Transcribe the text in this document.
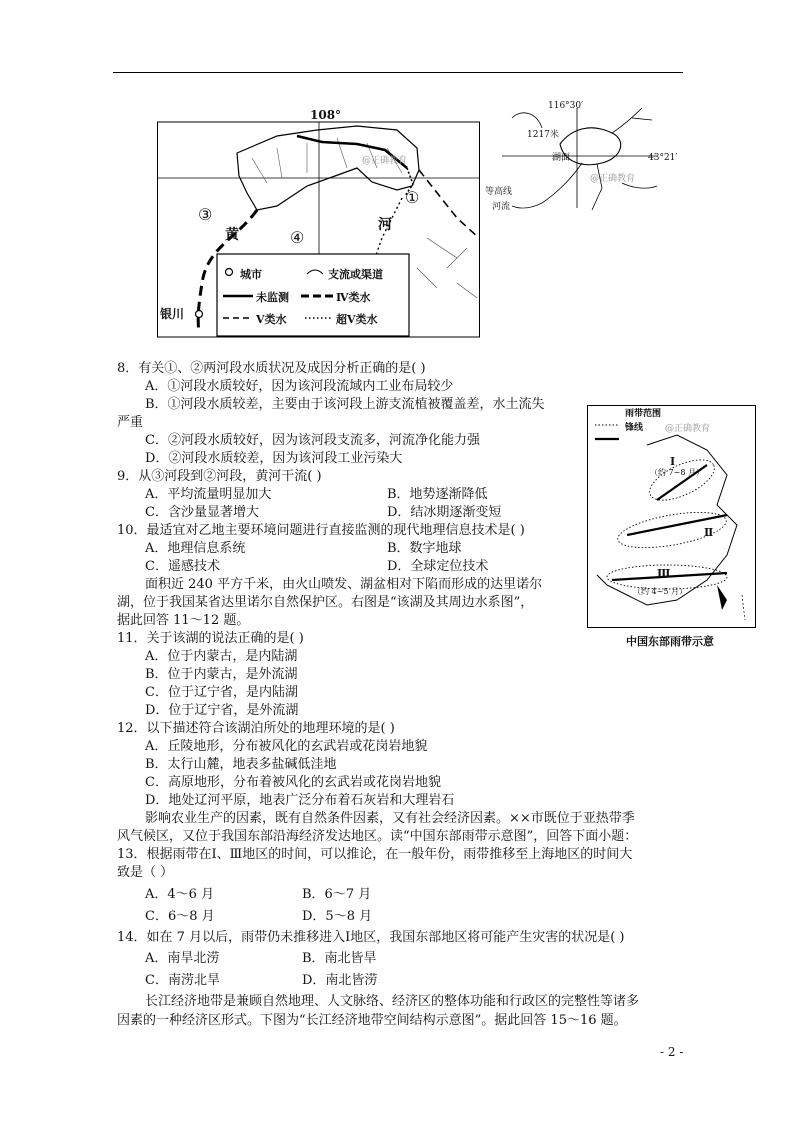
108°
①
③
④
黄
河
银川
@正确教育
城市	支流或渠道
未监测	Ⅳ类水
Ⅴ类水	超Ⅴ类水
116°30′
1217米
湖面	43°21′
等高线
河流
@正确教育
雨带范围
锋线 @正确教育
Ⅰ
（约 7~8 月）
Ⅱ
Ⅲ
（约 4~5 月）
中国东部雨带示意
8．有关①、②两河段水质状况及成因分析正确的是( )
A．①河段水质较好，因为该河段流域内工业布局较少
B．①河段水质较差，主要由于该河段上游支流植被覆盖差，水土流失
严重
C．②河段水质较好，因为该河段支流多，河流净化能力强
D．②河段水质较差，因为该河段工业污染大
9．从③河段到②河段，黄河干流( )
A．平均流量明显加大	B．地势逐渐降低
C．含沙量显著增大	D．结冰期逐渐变短
10．最适宜对乙地主要环境问题进行直接监测的现代地理信息技术是( )
A．地理信息系统	B．数字地球
C．遥感技术	D．全球定位技术
面积近 240 平方千米，由火山喷发、湖盆相对下陷而形成的达里诺尔
湖，位于我国某省达里诺尔自然保护区。右图是“该湖及其周边水系图”，
据此回答 11～12 题。
11．关于该湖的说法正确的是( )
A．位于内蒙古，是内陆湖
B．位于内蒙古，是外流湖
C．位于辽宁省，是内陆湖
D．位于辽宁省，是外流湖
12．以下描述符合该湖泊所处的地理环境的是( )
A．丘陵地形，分布被风化的玄武岩或花岗岩地貌
B．太行山麓，地表多盐碱低洼地
C．高原地形，分布着被风化的玄武岩或花岗岩地貌
D．地处辽河平原，地表广泛分布着石灰岩和大理岩石
影响农业生产的因素，既有自然条件因素，又有社会经济因素。××市既位于亚热带季
风气候区，又位于我国东部沿海经济发达地区。读“中国东部雨带示意图”，回答下面小题：
13．根据雨带在Ⅰ、Ⅲ地区的时间，可以推论，在一般年份，雨带推移至上海地区的时间大
致是（ ）
A．4～6 月	B．6～7 月
C．6～8 月	D．5～8 月
14．如在 7 月以后，雨带仍未推移进入Ⅰ地区，我国东部地区将可能产生灾害的状况是( )
A．南旱北涝	B．南北皆旱
C．南涝北旱	D．南北皆涝
长江经济地带是兼顾自然地理、人文脉络、经济区的整体功能和行政区的完整性等诸多
因素的一种经济区形式。下图为“长江经济地带空间结构示意图”。据此回答 15～16 题。
- 2 -
